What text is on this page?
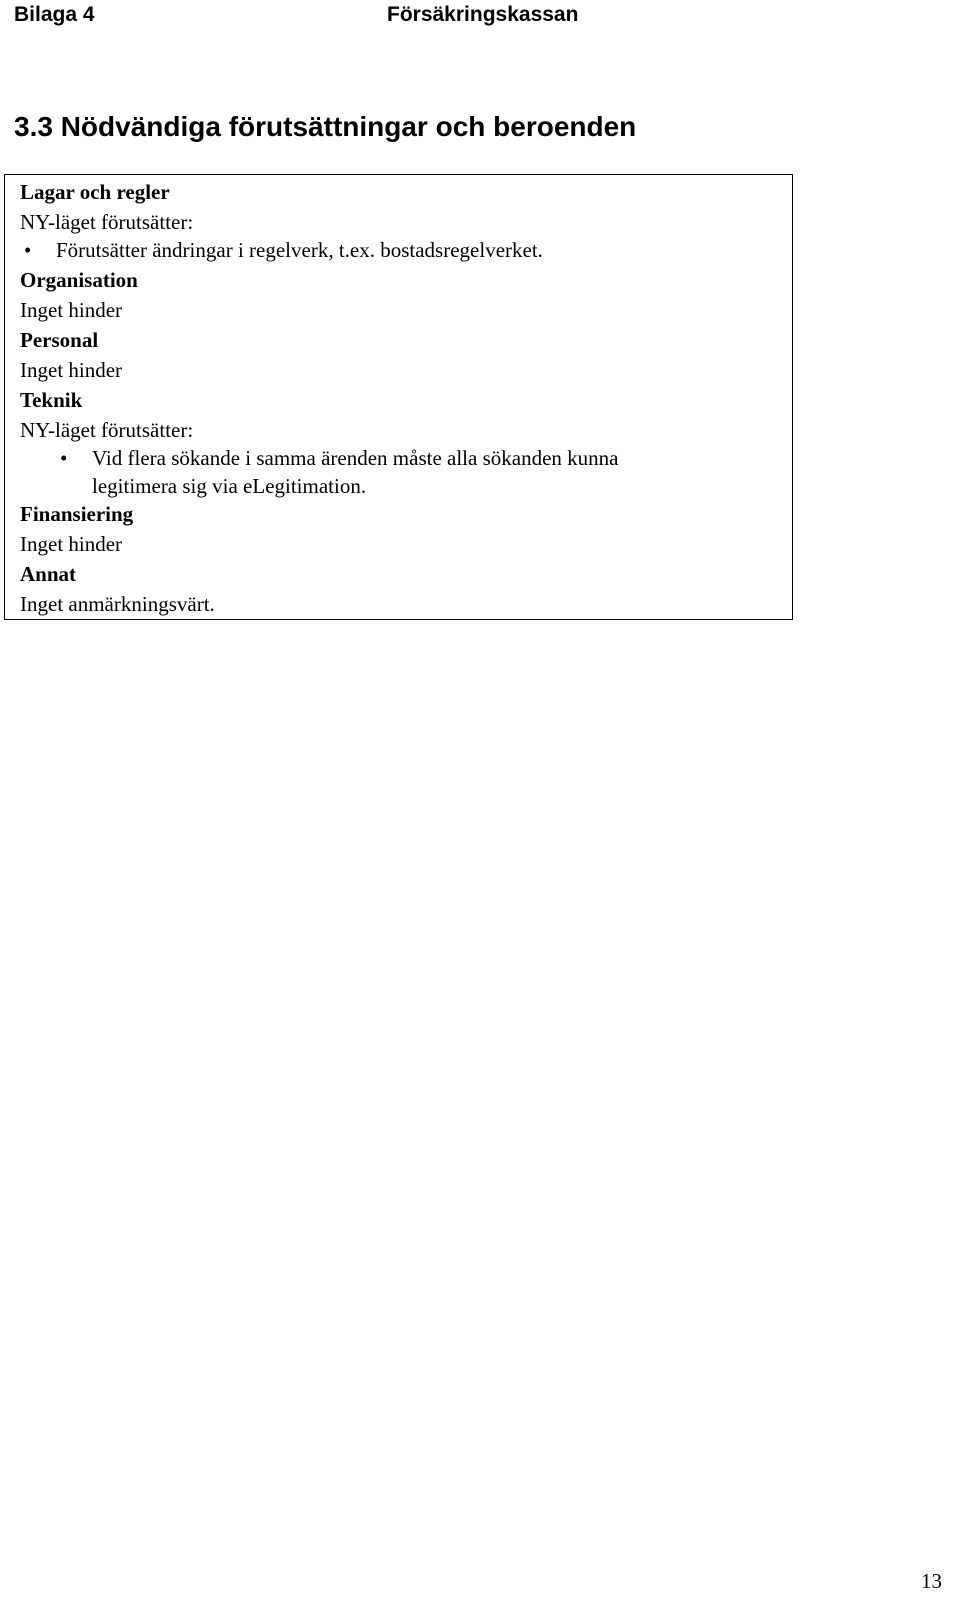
Bilaga 4	Försäkringskassan
3.3 Nödvändiga förutsättningar och beroenden
Lagar och regler
NY-läget förutsätter:
• Förutsätter ändringar i regelverk, t.ex. bostadsregelverket.
Organisation
Inget hinder
Personal
Inget hinder
Teknik
NY-läget förutsätter:
• Vid flera sökande i samma ärenden måste alla sökanden kunna
legitimera sig via eLegitimation.
Finansiering
Inget hinder
Annat
Inget anmärkningsvärt.
13
